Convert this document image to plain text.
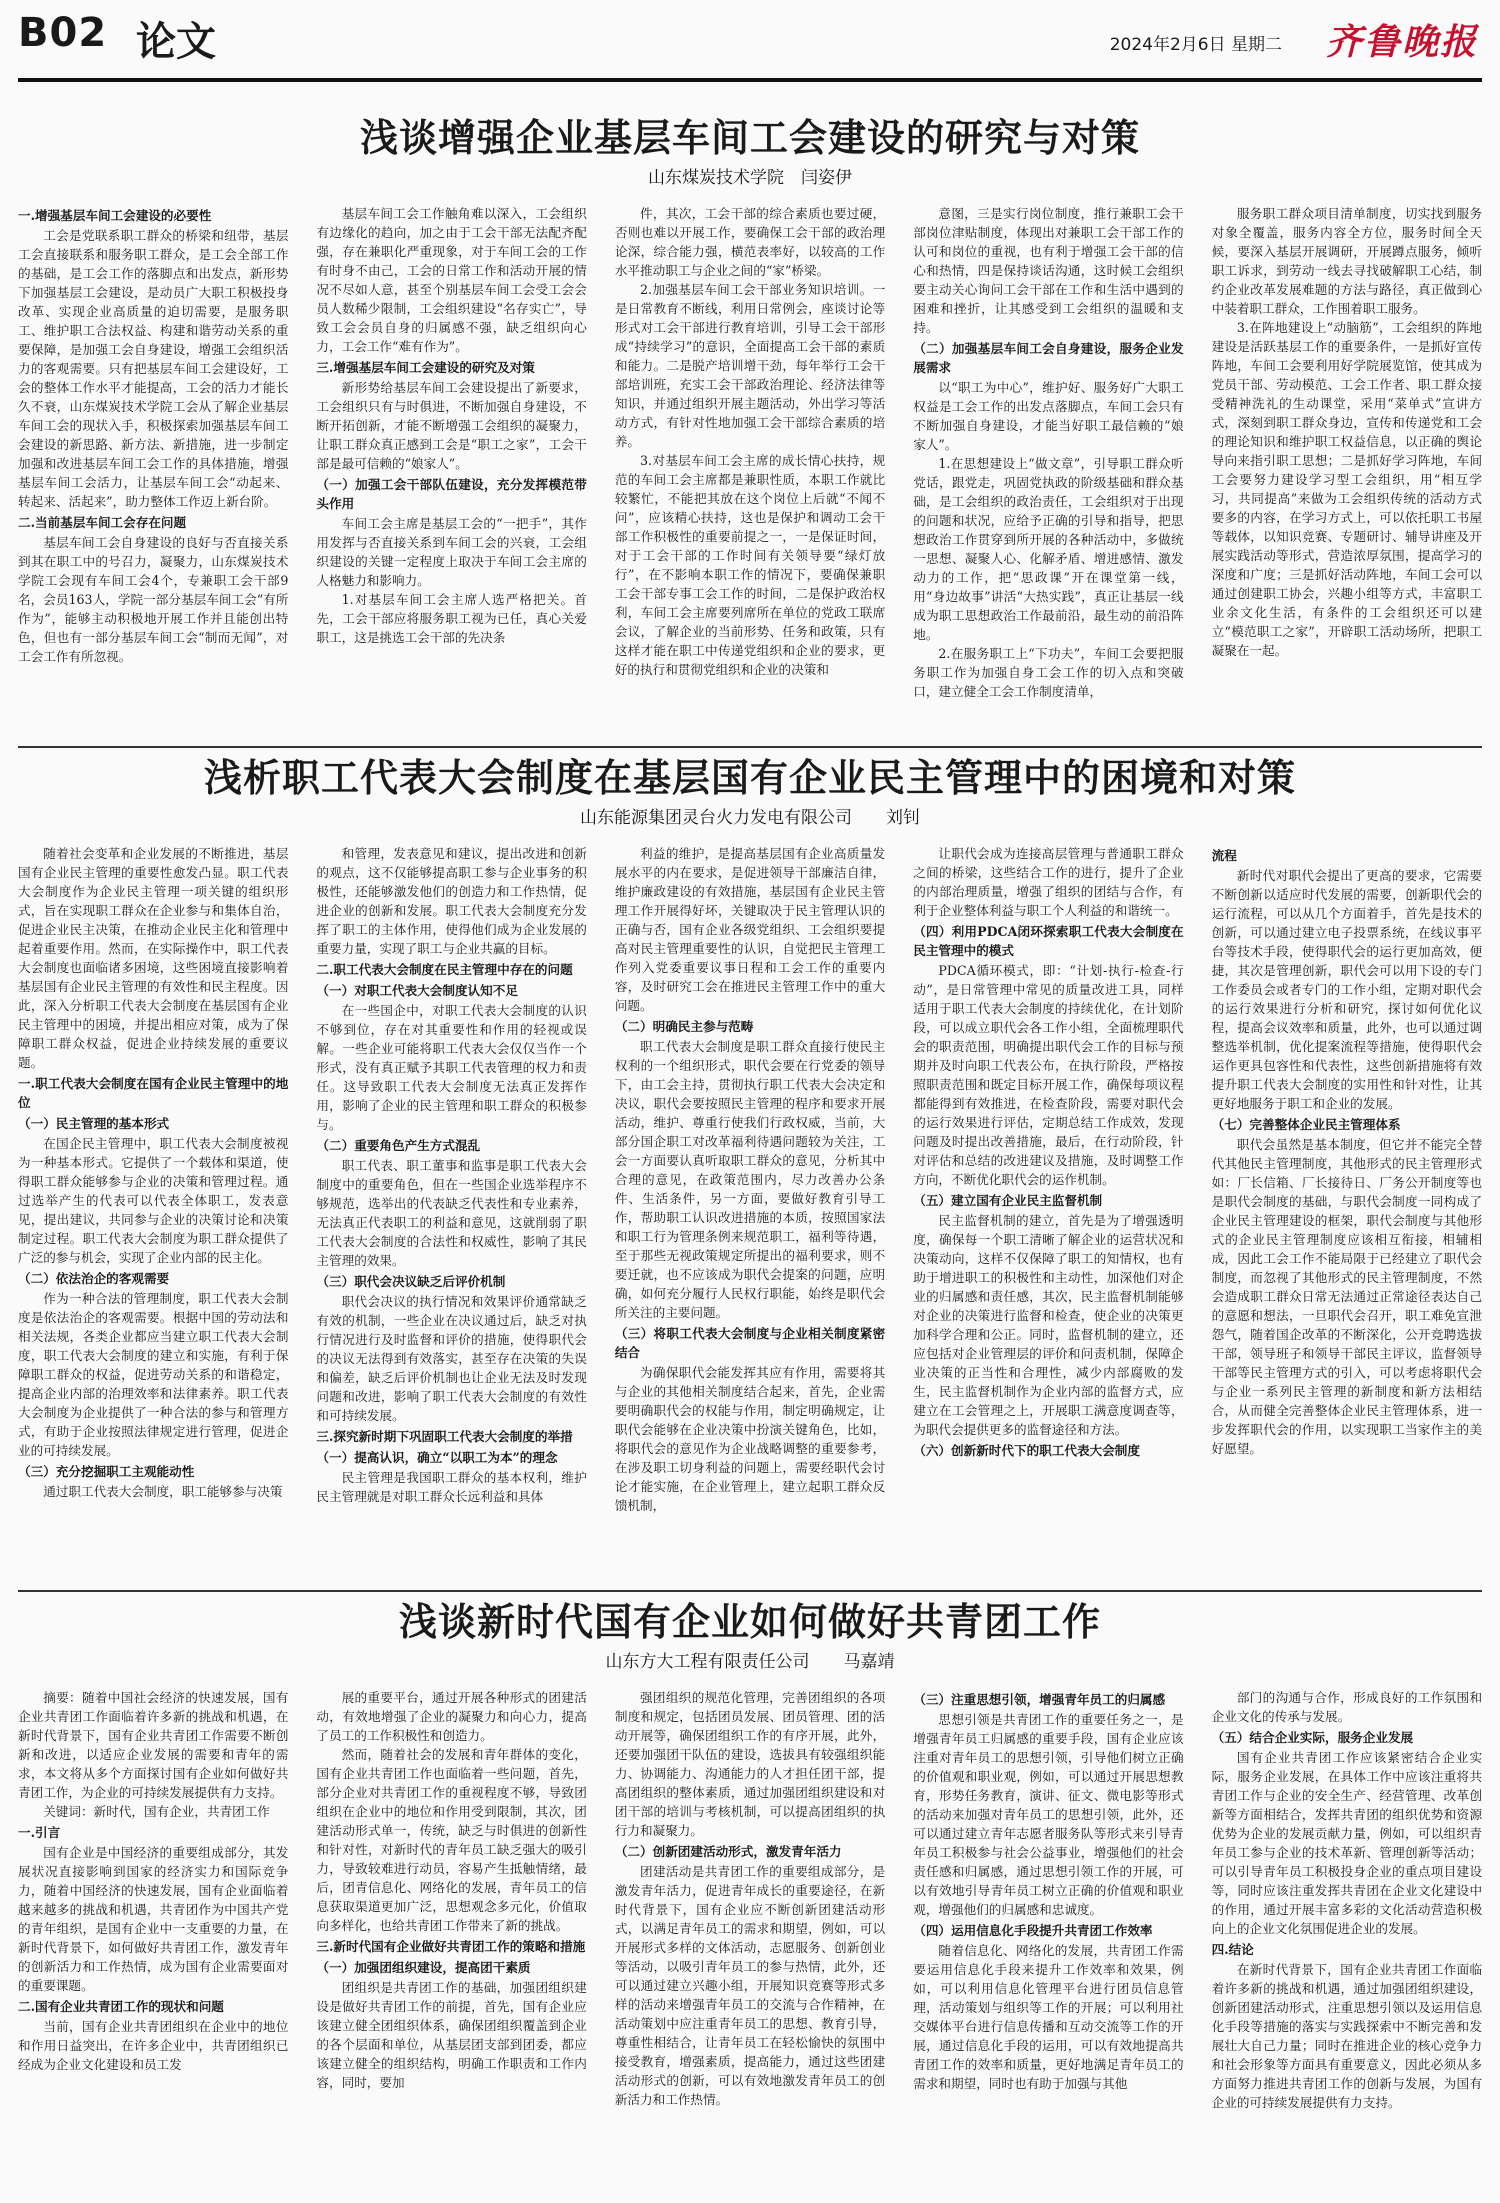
B02 论文	2024年2月6日 星期二 齐鲁晚报
浅谈增强企业基层车间工会建设的研究与对策
山东煤炭技术学院　闫姿伊
一.增强基层车间工会建设的必要性

工会是党联系职工群众的桥梁和纽带，基层工会直接联系和服务职工群众，是工会全部工作的基础，是工会工作的落脚点和出发点，新形势下加强基层工会建设，是动员广大职工积极投身改革、实现企业高质量的迫切需要，是服务职工、维护职工合法权益、构建和谐劳动关系的重要保障，是加强工会自身建设，增强工会组织活力的客观需要。只有把基层车间工会建设好，工会的整体工作水平才能提高，工会的活力才能长久不衰，山东煤炭技术学院工会从了解企业基层车间工会的现状入手，积极探索加强基层车间工会建设的新思路、新方法、新措施，进一步制定加强和改进基层车间工会工作的具体措施，增强基层车间工会活力，让基层车间工会“动起来、转起来、活起来”，助力整体工作迈上新台阶。

二.当前基层车间工会存在问题

基层车间工会自身建设的良好与否直接关系到其在职工中的号召力，凝聚力，山东煤炭技术学院工会现有车间工会4个，专兼职工会干部9名，会员163人，学院一部分基层车间工会“有所作为”，能够主动积极地开展工作并且能创出特色，但也有一部分基层车间工会“制而无闻”，对工会工作有所忽视。

基层车间工会工作触角难以深入，工会组织有边缘化的趋向，加之由于工会干部无法配齐配强，存在兼职化严重现象，对于车间工会的工作有时身不由己，工会的日常工作和活动开展的情况不尽如人意，甚至个别基层车间工会受工会会员人数稀少限制，工会组织建设“名存实亡”，导致工会会员自身的归属感不强，缺乏组织向心力，工会工作“难有作为”。

三.增强基层车间工会建设的研究及对策

新形势给基层车间工会建设提出了新要求，工会组织只有与时俱进，不断加强自身建设，不断开拓创新，才能不断增强工会组织的凝聚力，让职工群众真正感到工会是“职工之家”，工会干部是最可信赖的“娘家人”。

（一）加强工会干部队伍建设，充分发挥模范带头作用

车间工会主席是基层工会的“一把手”，其作用发挥与否直接关系到车间工会的兴衰，工会组织建设的关键一定程度上取决于车间工会主席的人格魅力和影响力。

1.对基层车间工会主席人选严格把关。首先，工会干部应将服务职工视为已任，真心关爱职工，这是挑选工会干部的先决条

件，其次，工会干部的综合素质也要过硬，否则也难以开展工作，要确保工会干部的政治理论深，综合能力强，横范表率好，以较高的工作水平推动职工与企业之间的“家”桥梁。

2.加强基层车间工会干部业务知识培训。一是日常教育不断线，利用日常例会，座谈讨论等形式对工会干部进行教育培训，引导工会干部形成“持续学习”的意识，全面提高工会干部的素质和能力。二是脱产培训增干劲，每年举行工会干部培训班，充实工会干部政治理论、经济法律等知识，并通过组织开展主题活动，外出学习等活动方式，有针对性地加强工会干部综合素质的培养。

3.对基层车间工会主席的成长情心扶持，规范的车间工会主席都是兼职性质，本职工作就比较繁忙，不能把其放在这个岗位上后就“不闻不问”，应该精心扶持，这也是保护和调动工会干部工作积极性的重要前提之一，一是保证时间，对于工会干部的工作时间有关领导要“绿灯放行”，在不影响本职工作的情况下，要确保兼职工会干部专事工会工作的时间，二是保护政治权利，车间工会主席要列席所在单位的党政工联席会议，了解企业的当前形势、任务和政策，只有这样才能在职工中传递党组织和企业的要求，更好的执行和贯彻党组织和企业的决策和

意图，三是实行岗位制度，推行兼职工会干部岗位津贴制度，体现出对兼职工会干部工作的认可和岗位的重视，也有利于增强工会干部的信心和热情，四是保持谈话沟通，这时候工会组织要主动关心询问工会干部在工作和生活中遇到的困难和挫折，让其感受到工会组织的温暖和支持。

（二）加强基层车间工会自身建设，服务企业发展需求

以“职工为中心”，维护好、服务好广大职工权益是工会工作的出发点落脚点，车间工会只有不断加强自身建设，才能当好职工最信赖的“娘家人”。

1.在思想建设上“做文章”，引导职工群众听党话，跟党走，巩固党执政的阶级基础和群众基础，是工会组织的政治责任，工会组织对于出现的问题和状况，应给予正确的引导和指导，把思想政治工作贯穿到所开展的各种活动中，多做统一思想、凝聚人心、化解矛盾、增进感情、激发动力的工作，把“思政课”开在课堂第一线，用“身边故事”讲活“大热实践”，真正让基层一线成为职工思想政治工作最前沿，最生动的前沿阵地。

2.在服务职工上“下功夫”，车间工会要把服务职工作为加强自身工会工作的切入点和突破口，建立健全工会工作制度清单，

服务职工群众项目清单制度，切实找到服务对象全覆盖，服务内容全方位，服务时间全天候，要深入基层开展调研，开展蹲点服务，倾听职工诉求，到劳动一线去寻找破解职工心结，制约企业改革发展难题的方法与路径，真正做到心中装着职工群众，工作围着职工服务。

3.在阵地建设上“动脑筋”，工会组织的阵地建设是活跃基层工作的重要条件，一是抓好宣传阵地，车间工会要利用好学院展览馆，使其成为党员干部、劳动模范、工会工作者、职工群众接受精神洗礼的生动课堂，采用“菜单式”宣讲方式，深刻到职工群众身边，宣传和传递党和工会的理论知识和维护职工权益信息，以正确的舆论导向来指引职工思想；二是抓好学习阵地，车间工会要努力建设学习型工会组织，用“相互学习，共同提高”来做为工会组织传统的活动方式要多的内容，在学习方式上，可以依托职工书屋等载体，以知识竞赛、专题研讨、辅导讲座及开展实践活动等形式，营造浓厚氛围，提高学习的深度和广度；三是抓好活动阵地，车间工会可以通过创建职工协会，兴趣小组等方式，丰富职工业余文化生活，有条件的工会组织还可以建立“模范职工之家”，开辟职工活动场所，把职工凝聚在一起。

浅析职工代表大会制度在基层国有企业民主管理中的困境和对策
山东能源集团灵台火力发电有限公司　　刘钊

随着社会变革和企业发展的不断推进，基层国有企业民主管理的重要性愈发凸显。职工代表大会制度作为企业民主管理一项关键的组织形式，旨在实现职工群众在企业参与和集体自治，促进企业民主决策，在推动企业民主化和管理中起着重要作用。然而，在实际操作中，职工代表大会制度也面临诸多困境，这些困境直接影响着基层国有企业民主管理的有效性和民主程度。因此，深入分析职工代表大会制度在基层国有企业民主管理中的困境，并提出相应对策，成为了保障职工群众权益，促进企业持续发展的重要议题。

一.职工代表大会制度在国有企业民主管理中的地位
（一）民主管理的基本形式

在国企民主管理中，职工代表大会制度被视为一种基本形式。它提供了一个载体和渠道，使得职工群众能够参与企业的决策和管理过程。通过选举产生的代表可以代表全体职工，发表意见，提出建议，共同参与企业的决策讨论和决策制定过程。职工代表大会制度为职工群众提供了广泛的参与机会，实现了企业内部的民主化。

（二）依法治企的客观需要

作为一种合法的管理制度，职工代表大会制度是依法治企的客观需要。根据中国的劳动法和相关法规，各类企业都应当建立职工代表大会制度，职工代表大会制度的建立和实施，有利于保障职工群众的权益，促进劳动关系的和谐稳定，提高企业内部的治理效率和法律素养。职工代表大会制度为企业提供了一种合法的参与和管理方式，有助于企业按照法律规定进行管理，促进企业的可持续发展。

（三）充分挖掘职工主观能动性

通过职工代表大会制度，职工能够参与决策

和管理，发表意见和建议，提出改进和创新的观点，这不仅能够提高职工参与企业事务的积极性，还能够激发他们的创造力和工作热情，促进企业的创新和发展。职工代表大会制度充分发挥了职工的主体作用，使得他们成为企业发展的重要力量，实现了职工与企业共赢的目标。

二.职工代表大会制度在民主管理中存在的问题
（一）对职工代表大会制度认知不足

在一些国企中，对职工代表大会制度的认识不够到位，存在对其重要性和作用的轻视或误解。一些企业可能将职工代表大会仅仅当作一个形式，没有真正赋予其职工代表管理的权力和责任。这导致职工代表大会制度无法真正发挥作用，影响了企业的民主管理和职工群众的积极参与。

（二）重要角色产生方式混乱

职工代表、职工董事和监事是职工代表大会制度中的重要角色，但在一些国企业选举程序不够规范，选举出的代表缺乏代表性和专业素养，无法真正代表职工的利益和意见，这就削弱了职工代表大会制度的合法性和权威性，影响了其民主管理的效果。

（三）职代会决议缺乏后评价机制

职代会决议的执行情况和效果评价通常缺乏有效的机制，一些企业在决议通过后，缺乏对执行情况进行及时监督和评价的措施，使得职代会的决议无法得到有效落实，甚至存在决策的失误和偏差，缺乏后评价机制也让企业无法及时发现问题和改进，影响了职工代表大会制度的有效性和可持续发展。

三.探究新时期下巩固职工代表大会制度的举措
（一）提高认识，确立“以职工为本”的理念

民主管理是我国职工群众的基本权利，维护民主管理就是对职工群众长远利益和具体

利益的维护，是提高基层国有企业高质量发展水平的内在要求，是促进领导干部廉洁自律，维护廉政建设的有效措施，基层国有企业民主管理工作开展得好坏，关键取决于民主管理认识的正确与否，国有企业各级党组织、工会组织要提高对民主管理重要性的认识，自觉把民主管理工作列入党委重要议事日程和工会工作的重要内容，及时研究工会在推进民主管理工作中的重大问题。

（二）明确民主参与范畴

职工代表大会制度是职工群众直接行使民主权利的一个组织形式，职代会要在行党委的领导下，由工会主持，贯彻执行职工代表大会决定和决议，职代会要按照民主管理的程序和要求开展活动，维护、尊重行使我们行政权威，当前，大部分国企职工对改革福利待遇问题较为关注，工会一方面要认真听取职工群众的意见，分析其中合理的意见，在政策范围内，尽力改善办公条件、生活条件，另一方面，要做好教育引导工作，帮助职工认识改进措施的本质，按照国家法和职工行为管理条例来规范职工，福利等待遇，至于那些无视政策规定所提出的福利要求，则不要迁就，也不应该成为职代会提案的问题，应明确，如何充分履行人民权行职能，始终是职代会所关注的主要问题。

（三）将职工代表大会制度与企业相关制度紧密结合

为确保职代会能发挥其应有作用，需要将其与企业的其他相关制度结合起来，首先，企业需要明确职代会的权能与作用，制定明确规定，让职代会能够在企业决策中扮演关键角色，比如，将职代会的意见作为企业战略调整的重要参考，在涉及职工切身利益的问题上，需要经职代会讨论才能实施，在企业管理上，建立起职工群众反馈机制，

让职代会成为连接高层管理与普通职工群众之间的桥梁，这些结合工作的进行，提升了企业的内部治理质量，增强了组织的团结与合作，有利于企业整体利益与职工个人利益的和谐统一。

（四）利用PDCA闭环探索职工代表大会制度在民主管理中的模式

PDCA循环模式，即：“计划-执行-检查-行动”，是日常管理中常见的质量改进工具，同样适用于职工代表大会制度的持续优化，在计划阶段，可以成立职代会各工作小组，全面梳理职代会的职责范围，明确提出职代会工作的目标与预期并及时向职工代表公布，在执行阶段，严格按照职责范围和既定目标开展工作，确保每项议程都能得到有效推进，在检查阶段，需要对职代会的运行效果进行评估，定期总结工作成效，发现问题及时提出改善措施，最后，在行动阶段，针对评估和总结的改进建议及措施，及时调整工作方向，不断优化职代会的运作机制。

（五）建立国有企业民主监督机制

民主监督机制的建立，首先是为了增强透明度，确保每一个职工清晰了解企业的运营状况和决策动向，这样不仅保障了职工的知情权，也有助于增进职工的积极性和主动性，加深他们对企业的归属感和责任感，其次，民主监督机制能够对企业的决策进行监督和检查，使企业的决策更加科学合理和公正。同时，监督机制的建立，还应包括对企业管理层的评价和问责机制，保障企业决策的正当性和合理性，减少内部腐败的发生，民主监督机制作为企业内部的监督方式，应建立在工会管理之上，开展职工满意度调查等，为职代会提供更多的监督途径和方法。

（六）创新新时代下的职工代表大会制度
流程

新时代对职代会提出了更高的要求，它需要不断创新以适应时代发展的需要，创新职代会的运行流程，可以从几个方面着手，首先是技术的创新，可以通过建立电子投票系统，在线议事平台等技术手段，使得职代会的运行更加高效，便捷，其次是管理创新，职代会可以用下设的专门工作委员会或者专门的工作小组，定期对职代会的运行效果进行分析和研究，探讨如何优化议程，提高会议效率和质量，此外，也可以通过调整选举机制，优化提案流程等措施，使得职代会运作更具包容性和代表性，这些创新措施将有效提升职工代表大会制度的实用性和针对性，让其更好地服务于职工和企业的发展。

（七）完善整体企业民主管理体系

职代会虽然是基本制度，但它并不能完全替代其他民主管理制度，其他形式的民主管理形式如：厂长信箱、厂长接待日、厂务公开制度等也是职代会制度的基础，与职代会制度一同构成了企业民主管理建设的框架，职代会制度与其他形式的企业民主管理制度应该相互衔接，相辅相成，因此工会工作不能局限于已经建立了职代会制度，而忽视了其他形式的民主管理制度，不然会造成职工群众日常无法通过正常途径表达自己的意愿和想法，一旦职代会召开，职工难免宣泄怨气，随着国企改革的不断深化，公开竞聘选拔干部，领导班子和领导干部民主评议，监督领导干部等民主管理方式的引入，可以考虑将职代会与企业一系列民主管理的新制度和新方法相结合，从而健全完善整体企业民主管理体系，进一步发挥职代会的作用，以实现职工当家作主的美好愿望。

浅谈新时代国有企业如何做好共青团工作
山东方大工程有限责任公司　　马嘉靖

摘要：随着中国社会经济的快速发展，国有企业共青团工作面临着许多新的挑战和机遇，在新时代背景下，国有企业共青团工作需要不断创新和改进，以适应企业发展的需要和青年的需求，本文将从多个方面探讨国有企业如何做好共青团工作，为企业的可持续发展提供有力支持。

关键词：新时代，国有企业，共青团工作

一.引言

国有企业是中国经济的重要组成部分，其发展状况直接影响到国家的经济实力和国际竞争力，随着中国经济的快速发展，国有企业面临着越来越多的挑战和机遇，共青团作为中国共产党的青年组织，是国有企业中一支重要的力量，在新时代背景下，如何做好共青团工作，激发青年的创新活力和工作热情，成为国有企业需要面对的重要课题。

二.国有企业共青团工作的现状和问题

当前，国有企业共青团组织在企业中的地位和作用日益突出，在许多企业中，共青团组织已经成为企业文化建设和员工发

展的重要平台，通过开展各种形式的团建活动，有效地增强了企业的凝聚力和向心力，提高了员工的工作积极性和创造力。

然而，随着社会的发展和青年群体的变化，国有企业共青团工作也面临着一些问题，首先，部分企业对共青团工作的重视程度不够，导致团组织在企业中的地位和作用受到限制，其次，团建活动形式单一，传统，缺乏与时俱进的创新性和针对性，对新时代的青年员工缺乏强大的吸引力，导致较难进行动员，容易产生抵触情绪，最后，团青信息化、网络化的发展，青年员工的信息获取渠道更加广泛，思想观念多元化，价值取向多样化，也给共青团工作带来了新的挑战。

三.新时代国有企业做好共青团工作的策略和措施
（一）加强团组织建设，提高团干素质

团组织是共青团工作的基础，加强团组织建设是做好共青团工作的前提，首先，国有企业应该建立健全团组织体系，确保团组织覆盖到企业的各个层面和单位，从基层团支部到团委，都应该建立健全的组织结构，明确工作职责和工作内容，同时，要加

强团组织的规范化管理，完善团组织的各项制度和规定，包括团员发展、团员管理、团的活动开展等，确保团组织工作的有序开展，此外，还要加强团干队伍的建设，选拔具有较强组织能力、协调能力、沟通能力的人才担任团干部，提高团组织的整体素质，通过加强团组织建设和对团干部的培训与考核机制，可以提高团组织的执行力和凝聚力。

（二）创新团建活动形式，激发青年活力

团建活动是共青团工作的重要组成部分，是激发青年活力，促进青年成长的重要途径，在新时代背景下，国有企业应不断创新团建活动形式，以满足青年员工的需求和期望，例如，可以开展形式多样的文体活动，志愿服务、创新创业等活动，以吸引青年员工的参与热情，此外，还可以通过建立兴趣小组，开展知识竞赛等形式多样的活动来增强青年员工的交流与合作精神，在活动策划中应注重青年员工的思想、教育引导，尊重性相结合，让青年员工在轻松愉快的氛围中接受教育，增强素质，提高能力，通过这些团建活动形式的创新，可以有效地激发青年员工的创新活力和工作热情。

（三）注重思想引领，增强青年员工的归属感

思想引领是共青团工作的重要任务之一，是增强青年员工归属感的重要手段，国有企业应该注重对青年员工的思想引领，引导他们树立正确的价值观和职业观，例如，可以通过开展思想教育，形势任务教育，演讲、征文、微电影等形式的活动来加强对青年员工的思想引领，此外，还可以通过建立青年志愿者服务队等形式来引导青年员工积极参与社会公益事业，增强他们的社会责任感和归属感，通过思想引领工作的开展，可以有效地引导青年员工树立正确的价值观和职业观，增强他们的归属感和忠诚度。

（四）运用信息化手段提升共青团工作效率

随着信息化、网络化的发展，共青团工作需要运用信息化手段来提升工作效率和效果，例如，可以利用信息化管理平台进行团员信息管理，活动策划与组织等工作的开展；可以利用社交媒体平台进行信息传播和互动交流等工作的开展，通过信息化手段的运用，可以有效地提高共青团工作的效率和质量，更好地满足青年员工的需求和期望，同时也有助于加强与其他

部门的沟通与合作，形成良好的工作氛围和企业文化的传承与发展。

（五）结合企业实际，服务企业发展

国有企业共青团工作应该紧密结合企业实际，服务企业发展，在具体工作中应该注重将共青团工作与企业的安全生产、经营管理、改革创新等方面相结合，发挥共青团的组织优势和资源优势为企业的发展贡献力量，例如，可以组织青年员工参与企业的技术革新、管理创新等活动；可以引导青年员工积极投身企业的重点项目建设等，同时应该注重发挥共青团在企业文化建设中的作用，通过开展丰富多彩的文化活动营造积极向上的企业文化氛围促进企业的发展。

四.结论

在新时代背景下，国有企业共青团工作面临着许多新的挑战和机遇，通过加强团组织建设，创新团建活动形式，注重思想引领以及运用信息化手段等措施的落实与实践探索中不断完善和发展壮大自己力量；同时在推进企业的核心竞争力和社会形象等方面具有重要意义，因此必须从多方面努力推进共青团工作的创新与发展，为国有企业的可持续发展提供有力支持。
